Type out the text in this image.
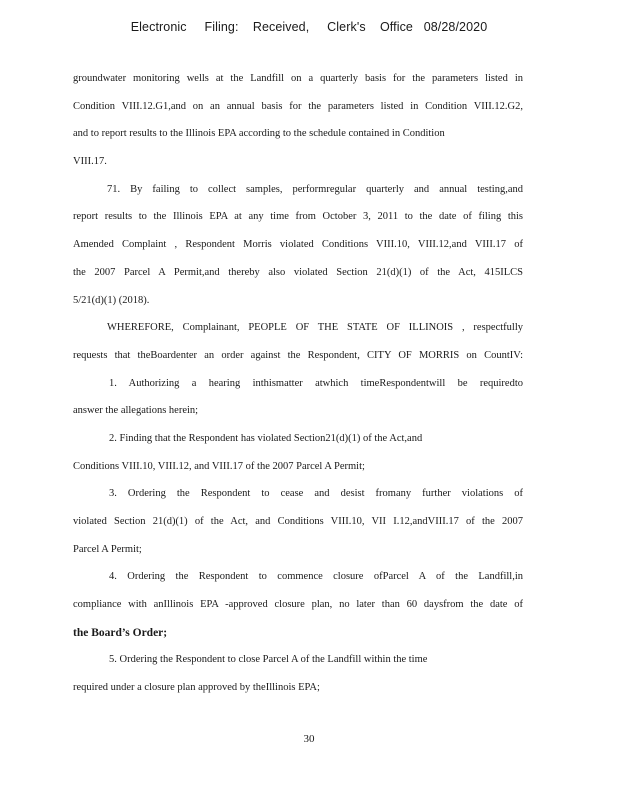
Electronic     Filing:    Received,     Clerk's    Office   08/28/2020
groundwater monitoring wells at the Landfill on a quarterly basis for the parameters listed in
Condition VIII.12.G1,and on an annual basis for the parameters listed in Condition VIII.12.G2,
and to report results to the Illinois EPA according to the schedule contained in Condition
VIII.17.
71. By failing to collect samples, performregular quarterly and annual testing,and
report results to the Illinois EPA at any time from October 3, 2011 to the date of filing this
Amended Complaint , Respondent Morris violated Conditions VIII.10, VIII.12,and VIII.17 of
the 2007 Parcel A Permit,and thereby also violated Section 21(d)(1) of the Act, 415ILCS
5/21(d)(1) (2018).
WHEREFORE, Complainant, PEOPLE OF THE STATE OF ILLINOIS , respectfully
requests that theBoardenter an order against the Respondent, CITY OF MORRIS on CountIV:
1. Authorizing a hearing inthismatter atwhich timeRespondentwill be requiredto
answer the allegations herein;
2. Finding that the Respondent has violated Section21(d)(1) of the Act,and
Conditions VIII.10, VIII.12, and VIII.17 of the 2007 Parcel A Permit;
3. Ordering the Respondent to cease and desist fromany further violations of
violated Section 21(d)(1) of the Act, and Conditions VIII.10, VII I.12,andVIII.17 of the 2007
Parcel A Permit;
4. Ordering the Respondent to commence closure ofParcel A of the Landfill,in
compliance with anIllinois EPA -approved closure plan, no later than 60 daysfrom the date of
the Board’s Order;
5. Ordering the Respondent to close Parcel A of the Landfill within the time
required under a closure plan approved by theIllinois EPA;
30
